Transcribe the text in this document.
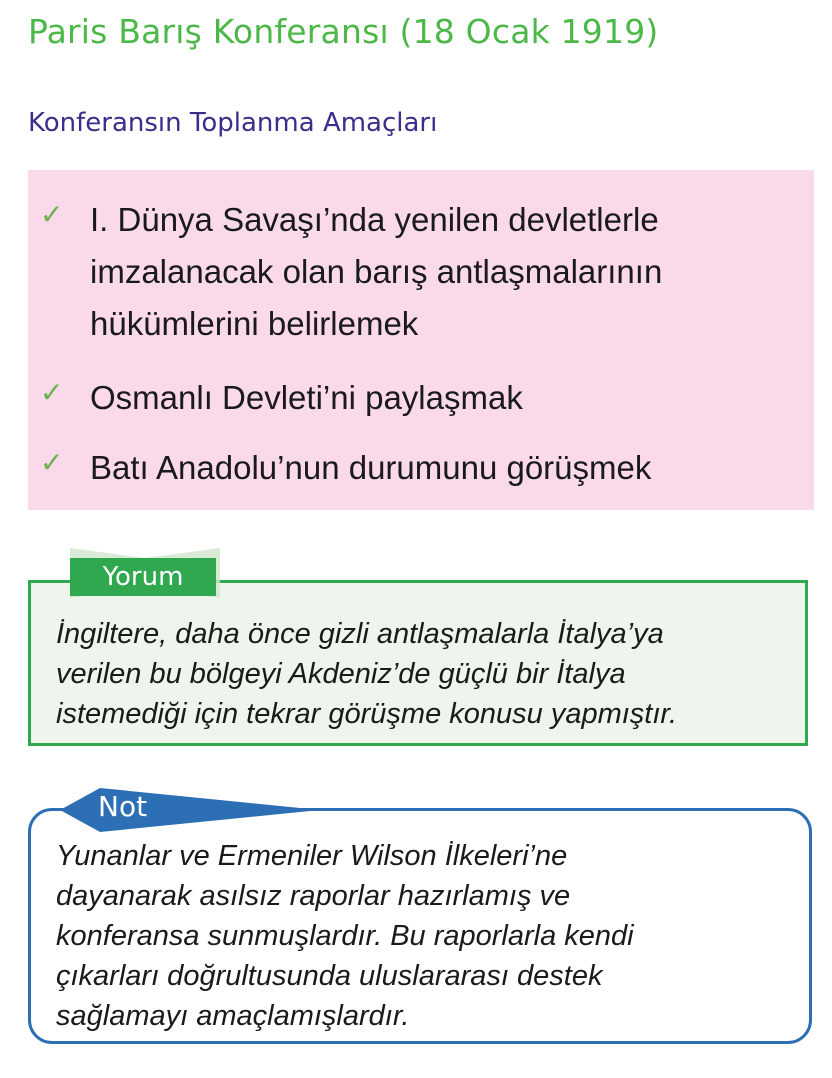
Paris Barış Konferansı (18 Ocak 1919)
Konferansın Toplanma Amaçları
✓ I. Dünya Savaşı’nda yenilen devletlerle
imzalanacak olan barış antlaşmalarının
hükümlerini belirlemek
✓ Osmanlı Devleti’ni paylaşmak
✓ Batı Anadolu’nun durumunu görüşmek
Yorum
İngiltere, daha önce gizli antlaşmalarla İtalya’ya
verilen bu bölgeyi Akdeniz’de güçlü bir İtalya
istemediği için tekrar görüşme konusu yapmıştır.
Not
Yunanlar ve Ermeniler Wilson İlkeleri’ne
dayanarak asılsız raporlar hazırlamış ve
konferansa sunmuşlardır. Bu raporlarla kendi
çıkarları doğrultusunda uluslararası destek
sağlamayı amaçlamışlardır.
